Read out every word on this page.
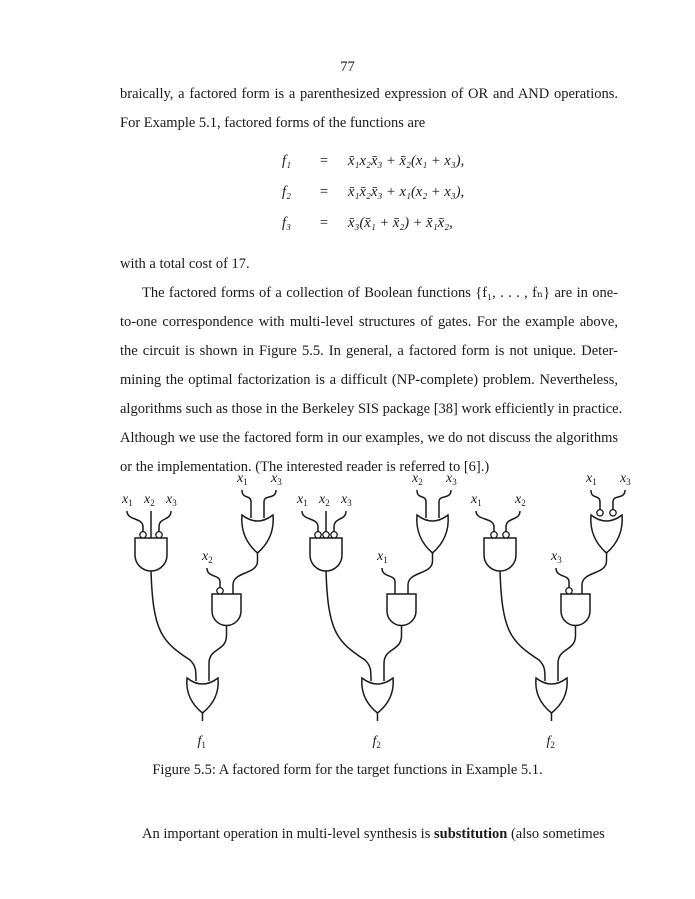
77
braically, a factored form is a parenthesized expression of OR and AND operations.
For Example 5.1, factored forms of the functions are
f₁	=	x̄₁x₂x̄₃ + x̄₂(x₁ + x₃),
f₂	=	x̄₁x̄₂x̄₃ + x₁(x₂ + x₃),
f₃	=	x̄₃(x̄₁ + x̄₂) + x̄₁x̄₂,
with a total cost of 17.
The factored forms of a collection of Boolean functions {f₁, . . . , fₙ} are in one-
to-one correspondence with multi-level structures of gates. For the example above,
the circuit is shown in Figure 5.5. In general, a factored form is not unique. Deter-
mining the optimal factorization is a difficult (NP-complete) problem. Nevertheless,
algorithms such as those in the Berkeley SIS package [38] work efficiently in practice.
Although we use the factored form in our examples, we do not discuss the algorithms
or the implementation. (The interested reader is referred to [6].)
$x_1$ $x_2$ $x_3$
$x_1$ $x_3$
$x_2$
$f_1$
$x_1$ $x_2$ $x_3$
$x_2$ $x_3$
$x_1$
$f_2$
$x_1$ $x_2$
$x_1$ $x_3$
$x_3$
$f_2$
Figure 5.5: A factored form for the target functions in Example 5.1.
An important operation in multi-level synthesis is substitution (also sometimes
